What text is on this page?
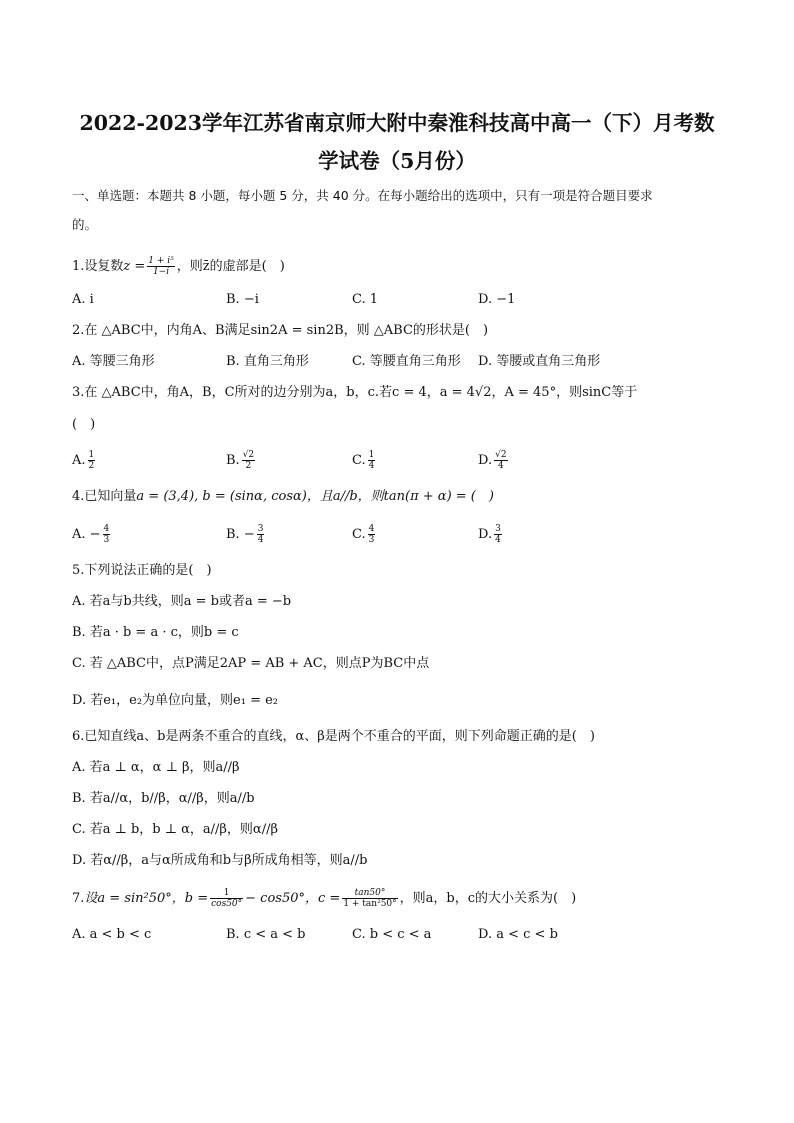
2022-2023学年江苏省南京师大附中秦淮科技高中高一（下）月考数
学试卷（5月份）
一、单选题：本题共 8 小题，每小题 5 分，共 40 分。在每小题给出的选项中，只有一项是符合题目要求
的。
1.设复数$z = \frac{\text{1 + i⁵}}{1-i}$ ，则z̄的虚部是(　)
A. i	B. −i	C. 1	D. −1
2.在 △ABC中，内角A、B满足sin2A = sin2B，则 △ABC的形状是(　)
A. 等腰三角形	B. 直角三角形	C. 等腰直角三角形 D. 等腰或直角三角形
3.在 △ABC中，角A，B，C所对的边分别为a，b，c.若c = 4，a = 4√2，A = 45°，则sinC等于
(　)
A. $\frac{1}{2}$	B. $\frac{√2}{2}$	C. $\frac{1}{4}$	D. $\frac{√2}{4}$
4.已知向量a = (3,4), b = (sinα, cosα)，且a//b，则tan(π + α) = (　)
A. − $\frac{4}{3}$	B. − $\frac{3}{4}$	C. $\frac{4}{3}$	D. $\frac{3}{4}$
5.下列说法正确的是(　)
A. 若a与b共线，则a = b或者a = −b
B. 若a · b = a · c，则b = c
C. 若 △ABC中，点P满足2AP = AB + AC，则点P为BC中点
D. 若e₁，e₂为单位向量，则e₁ = e₂
6.已知直线a、b是两条不重合的直线，α、β是两个不重合的平面，则下列命题正确的是(　)
A. 若a ⊥ α，α ⊥ β，则a//β
B. 若a//α，b//β，α//β，则a//b
C. 若a ⊥ b，b ⊥ α，a//β，则α//β
D. 若α//β，a与α所成角和b与β所成角相等，则a//b
7.设a = sin²50°，$b = \frac{1}{\cos 50^\circ} - \cos 50^\circ$，$c = \frac{\tan 50^\circ}{\text{1 + tan²50°}}$ ，则a，b，c的大小关系为(　)
A. a < b < c	B. c < a < b	C. b < c < a	D. a < c < b
